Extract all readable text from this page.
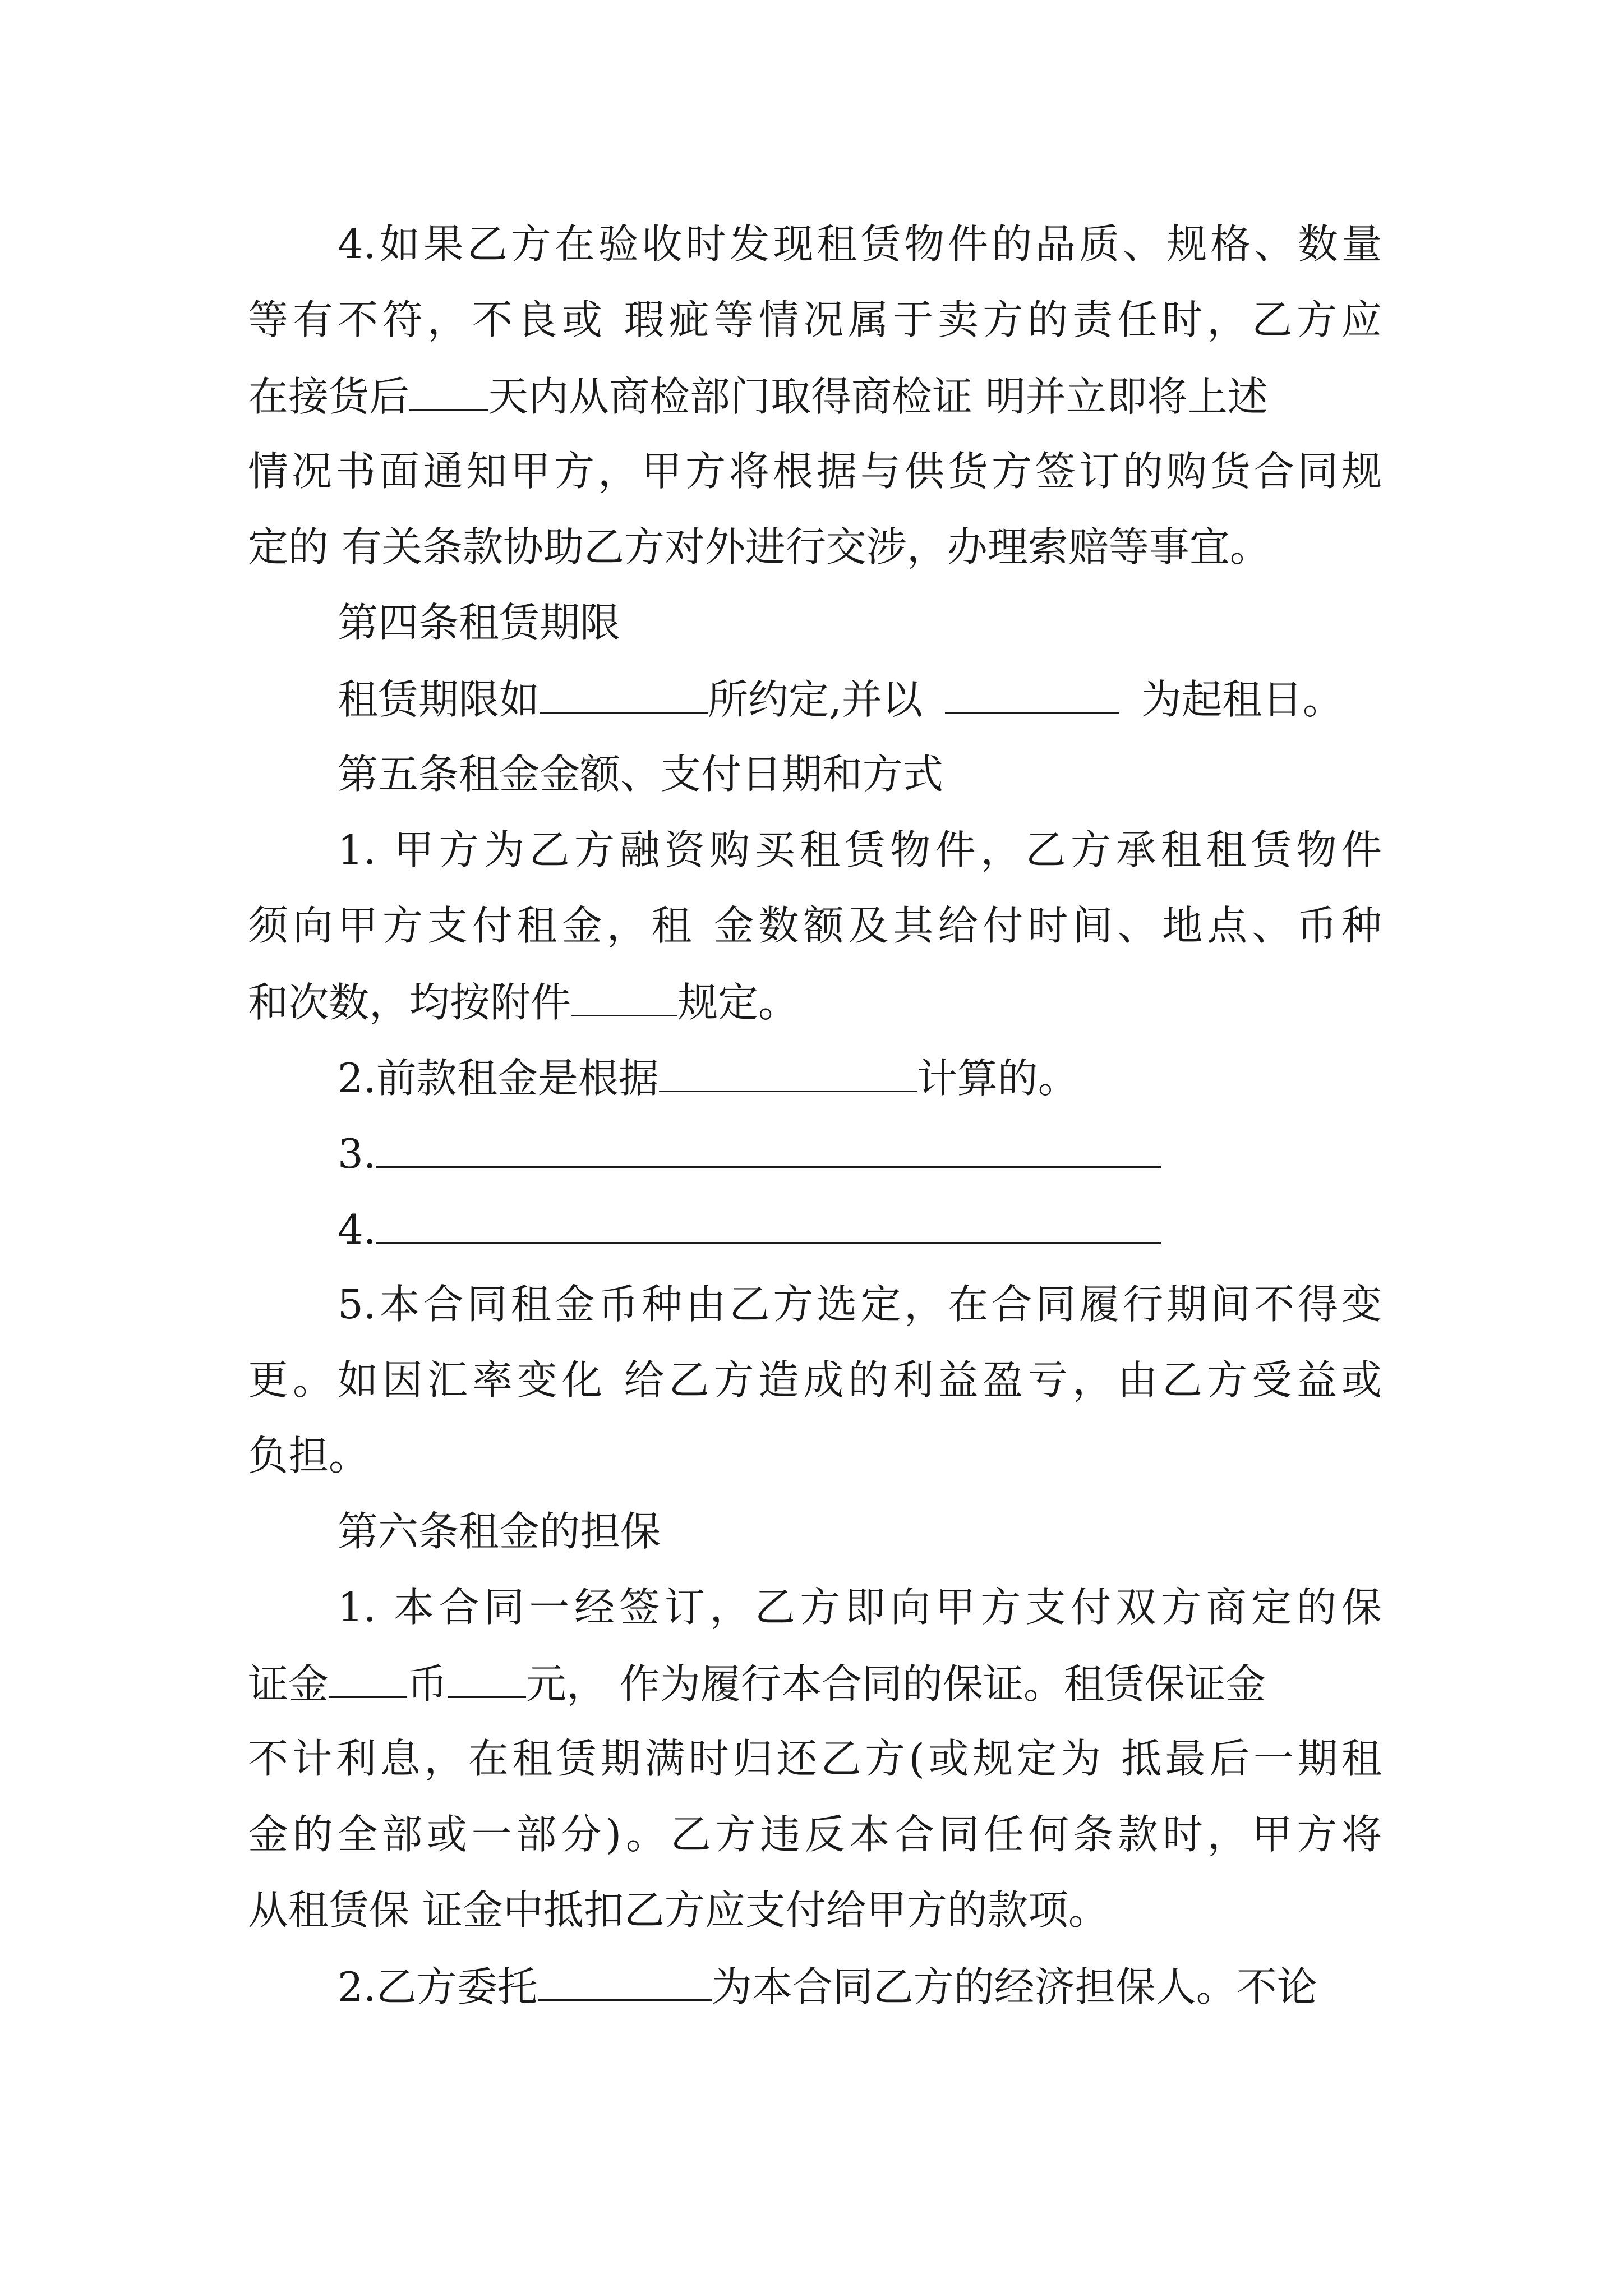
4.如果乙方在验收时发现租赁物件的品质、规格、数量
等有不符，不良或 瑕疵等情况属于卖方的责任时，乙方应
在接货后 天内从商检部门取得商检证 明并立即将上述
情况书面通知甲方，甲方将根据与供货方签订的购货合同规
定的 有关条款协助乙方对外进行交涉，办理索赔等事宜。
第四条租赁期限
租赁期限如	所约定,并以	为起租日。
第五条租金金额、支付日期和方式
1. 甲方为乙方融资购买租赁物件，乙方承租租赁物件
须向甲方支付租金，租 金数额及其给付时间、地点、币种
和次数，均按附件	规定。
2.前款租金是根据	计算的。
3.
4.
5.本合同租金币种由乙方选定，在合同履行期间不得变
更。如因汇率变化 给乙方造成的利益盈亏，由乙方受益或
负担。
第六条租金的担保
1. 本合同一经签订，乙方即向甲方支付双方商定的保
证金 币 元， 作为履行本合同的保证。租赁保证金
不计利息，在租赁期满时归还乙方(或规定为 抵最后一期租
金的全部或一部分)。乙方违反本合同任何条款时，甲方将
从租赁保 证金中抵扣乙方应支付给甲方的款项。
2.乙方委托	为本合同乙方的经济担保人。不论
